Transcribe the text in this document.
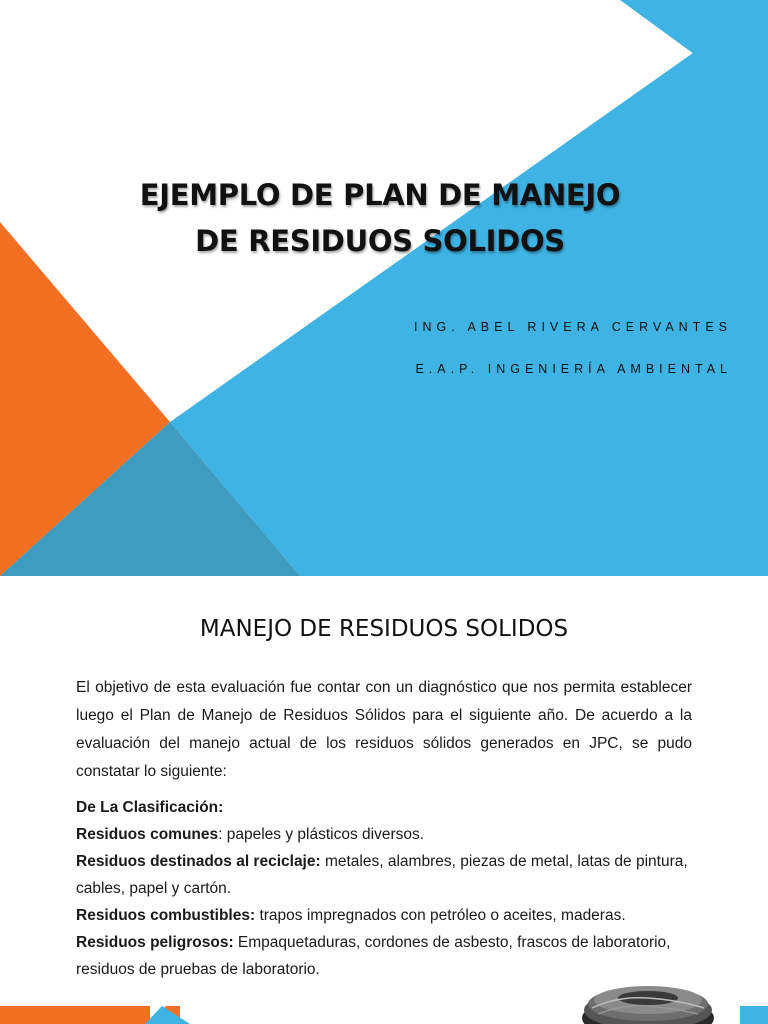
EJEMPLO DE PLAN DE MANEJO
DE RESIDUOS SOLIDOS

ING. ABEL RIVERA CERVANTES

E.A.P. INGENIERÍA AMBIENTAL

MANEJO DE RESIDUOS SOLIDOS

El objetivo de esta evaluación fue contar con un diagnóstico que nos permita establecer luego el Plan de Manejo de Residuos Sólidos para el siguiente año. De acuerdo a la evaluación del manejo actual de los residuos sólidos generados en JPC, se pudo constatar lo siguiente:

De La Clasificación:

Residuos comunes: papeles y plásticos diversos.

Residuos destinados al reciclaje: metales, alambres, piezas de metal, latas de pintura, cables, papel y cartón.

Residuos combustibles: trapos impregnados con petróleo o aceites, maderas.

Residuos peligrosos: Empaquetaduras, cordones de asbesto, frascos de laboratorio, residuos de pruebas de laboratorio.
